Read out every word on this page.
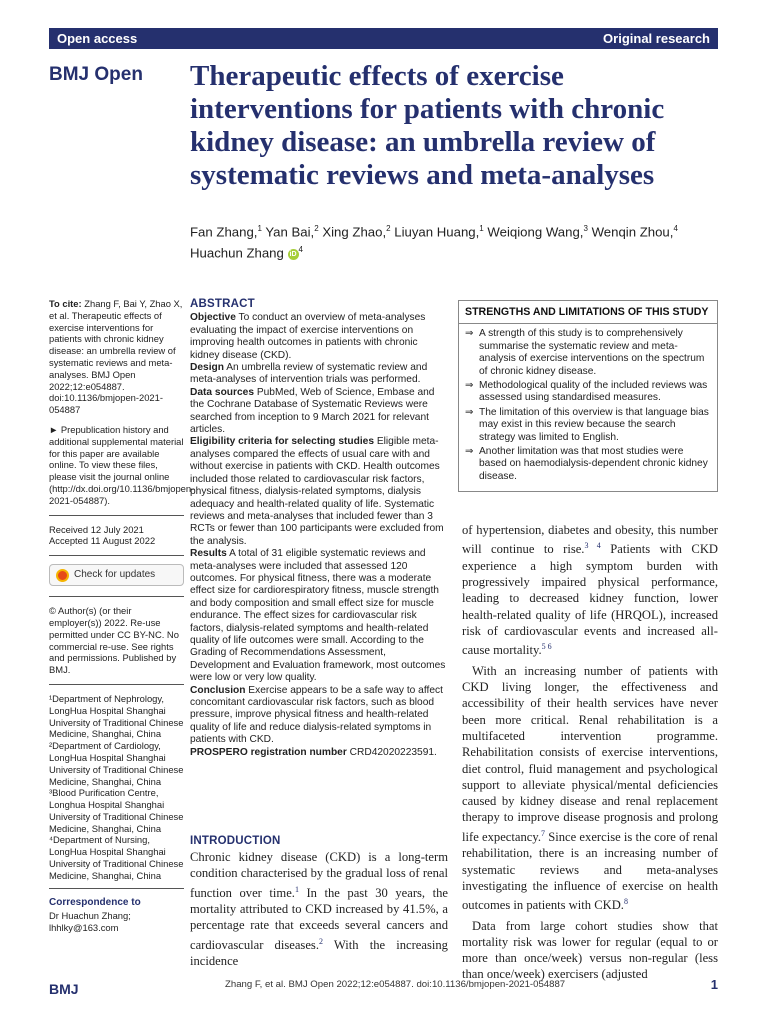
Open access	Original research
BMJ Open Therapeutic effects of exercise interventions for patients with chronic kidney disease: an umbrella review of systematic reviews and meta-analyses
Fan Zhang,$^1$ Yan Bai,$^2$ Xing Zhao,$^2$ Liuyan Huang,$^1$ Weiqiong Wang,$^3$ Wenqin Zhou,$^4$
Huachun Zhang iD $^4$

To cite: Zhang F, Bai Y, Zhao X, et al. Therapeutic effects of exercise interventions for patients with chronic kidney disease: an umbrella review of systematic reviews and meta-analyses. BMJ Open 2022;12:e054887. doi:10.1136/bmjopen-2021-054887

► Prepublication history and additional supplemental material for this paper are available online. To view these files, please visit the journal online (http://dx.doi.org/10.1136/bmjopen-2021-054887).

Received 12 July 2021
Accepted 11 August 2022
Check for updates

© Author(s) (or their employer(s)) 2022. Re-use permitted under CC BY-NC. No commercial re-use. See rights and permissions. Published by BMJ.

¹Department of Nephrology, LongHua Hospital Shanghai University of Traditional Chinese Medicine, Shanghai, China
²Department of Cardiology, LongHua Hospital Shanghai University of Traditional Chinese Medicine, Shanghai, China
³Blood Purification Centre, Longhua Hospital Shanghai University of Traditional Chinese Medicine, Shanghai, China
⁴Department of Nursing, LongHua Hospital Shanghai University of Traditional Chinese Medicine, Shanghai, China
Correspondence to
Dr Huachun Zhang;
lhhlky@163.com
ABSTRACT

Objective To conduct an overview of meta-analyses evaluating the impact of exercise interventions on improving health outcomes in patients with chronic kidney disease (CKD).

Design An umbrella review of systematic review and meta-analyses of intervention trials was performed.

Data sources PubMed, Web of Science, Embase and the Cochrane Database of Systematic Reviews were searched from inception to 9 March 2021 for relevant articles.

Eligibility criteria for selecting studies Eligible meta-analyses compared the effects of usual care with and without exercise in patients with CKD. Health outcomes included those related to cardiovascular risk factors, physical fitness, dialysis-related symptoms, dialysis adequacy and health-related quality of life. Systematic reviews and meta-analyses that included fewer than 3 RCTs or fewer than 100 participants were excluded from the analysis.

Results A total of 31 eligible systematic reviews and meta-analyses were included that assessed 120 outcomes. For physical fitness, there was a moderate effect size for cardiorespiratory fitness, muscle strength and body composition and small effect size for muscle endurance. The effect sizes for cardiovascular risk factors, dialysis-related symptoms and health-related quality of life outcomes were small. According to the Grading of Recommendations Assessment, Development and Evaluation framework, most outcomes were low or very low quality.

Conclusion Exercise appears to be a safe way to affect concomitant cardiovascular risk factors, such as blood pressure, improve physical fitness and health-related quality of life and reduce dialysis-related symptoms in patients with CKD.

PROSPERO registration number CRD42020223591.

INTRODUCTION

Chronic kidney disease (CKD) is a long-term condition characterised by the gradual loss of renal function over time.$^1$ In the past 30 years, the mortality attributed to CKD increased by 41.5%, a percentage rate that exceeds several cancers and cardiovascular diseases.$^2$ With the increasing incidence

STRENGTHS AND LIMITATIONS OF THIS STUDY
⇒ A strength of this study is to comprehensively summarise the systematic review and meta-analysis of exercise interventions on the spectrum of chronic kidney disease.
⇒ Methodological quality of the included reviews was assessed using standardised measures.
⇒ The limitation of this overview is that language bias may exist in this review because the search strategy was limited to English.
⇒ Another limitation was that most studies were based on haemodialysis-dependent chronic kidney disease.

of hypertension, diabetes and obesity, this number will continue to rise.$^{3 4}$ Patients with CKD experience a high symptom burden with progressively impaired physical performance, leading to decreased kidney function, lower health-related quality of life (HRQOL), increased risk of cardiovascular events and increased all-cause mortality.$^{5 6}$

With an increasing number of patients with CKD living longer, the effectiveness and accessibility of their health services have never been more critical. Renal rehabilitation is a multifaceted intervention programme. Rehabilitation consists of exercise interventions, diet control, fluid management and psychological support to alleviate physical/mental deficiencies caused by kidney disease and renal replacement therapy to improve disease prognosis and prolong life expectancy.$^7$ Since exercise is the core of renal rehabilitation, there is an increasing number of systematic reviews and meta-analyses investigating the influence of exercise on health outcomes in patients with CKD.$^8$

Data from large cohort studies show that mortality risk was lower for regular (equal to or more than once/week) versus non-regular (less than once/week) exercisers (adjusted

BMJ	Zhang F, et al. BMJ Open 2022;12:e054887. doi:10.1136/bmjopen-2021-054887	1
